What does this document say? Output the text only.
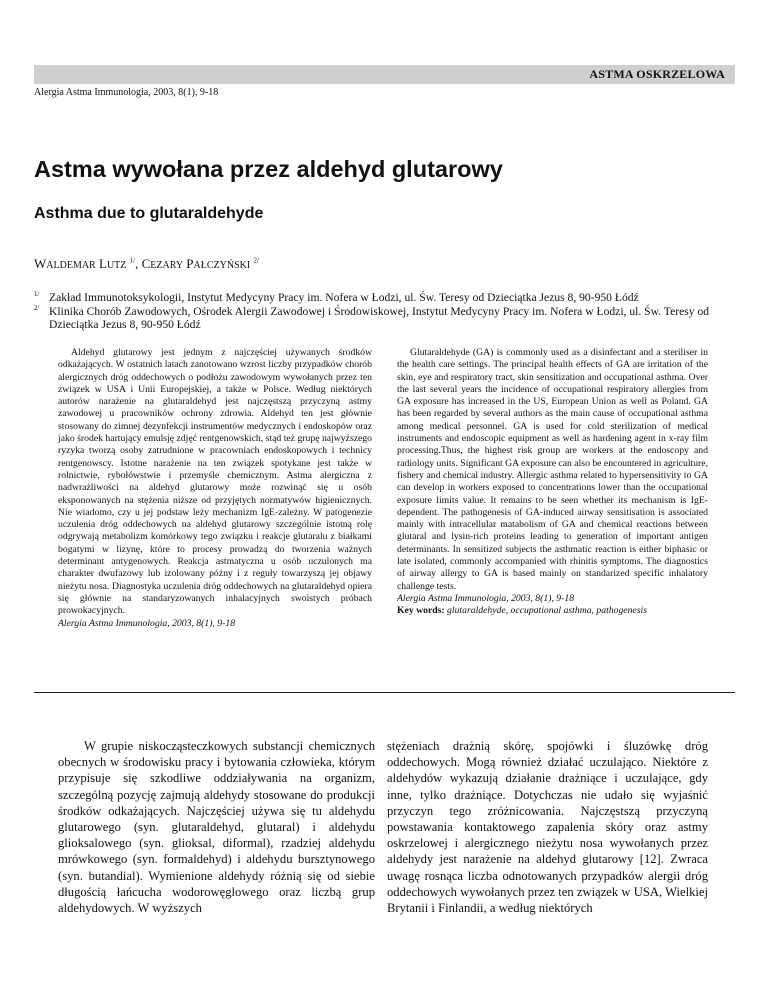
ASTMA OSKRZELOWA
Alergia Astma Immunologia, 2003, 8(1), 9-18
Astma wywołana przez aldehyd glutarowy
Asthma due to glutaraldehyde
WALDEMAR LUTZ $^{1/}$, CEZARY PAŁCZYŃSKI $^{2/}$
1/ Zakład Immunotoksykologii, Instytut Medycyny Pracy im. Nofera w Łodzi, ul. Św. Teresy od Dzieciątka Jezus 8, 90-950 Łódź
2/ Klinika Chorób Zawodowych, Ośrodek Alergii Zawodowej i Środowiskowej, Instytut Medycyny Pracy im. Nofera w Łodzi, ul. Św. Teresy od Dzieciątka Jezus 8, 90-950 Łódź

Aldehyd glutarowy jest jednym z najczęściej używanych środków odkażających. W ostatnich latach zanotowano wzrost liczby przypadków chorób alergicznych dróg oddechowych o podłożu zawodowym wywołanych przez ten związek w USA i Unii Europejskiej, a także w Polsce. Według niektórych autorów narażenie na glutaraldehyd jest najczęstszą przyczyną astmy zawodowej u pracowników ochrony zdrowia. Aldehyd ten jest głównie stosowany do zimnej dezynfekcji instrumentów medycznych i endoskopów oraz jako środek hartujący emulsję zdjęć rentgenowskich, stąd też grupę najwyższego ryzyka tworzą osoby zatrudnione w pracowniach endoskopowych i technicy rentgenowscy. Istotne narażenie na ten związek spotykane jest także w rolnictwie, rybołówstwie i przemyśle chemicznym. Astma alergiczna z nadwrażliwości na aldehyd glutarowy może rozwinąć się u osób eksponowanych na stężenia niższe od przyjętych normatywów higienicznych. Nie wiadomo, czy u jej podstaw leży mechanizm IgE-zależny. W patogenezie uczulenia dróg oddechowych na aldehyd glutarowy szczególnie istotną rolę odgrywają metabolizm komórkowy tego związku i reakcje glutaralu z białkami bogatymi w lizynę, które to procesy prowadzą do tworzenia ważnych determinant antygenowych. Reakcja astmatyczna u osób uczulonych ma charakter dwufazowy lub izolowany późny i z reguły towarzyszą jej objawy nieżytu nosa. Diagnostyka uczulenia dróg oddechowych na glutaraldehyd opiera się głównie na standaryzowanych inhalacyjnych swoistych próbach prowokacyjnych.

Alergia Astma Immunologia, 2003, 8(1), 9-18

Glutaraldehyde (GA) is commonly used as a disinfectant and a steriliser in the health care settings. The principal health effects of GA are irritation of the skin, eye and respiratory tract, skin sensitization and occupational asthma. Over the last several years the incidence of occupational respiratory allergies from GA exposure has increased in the US, European Union as well as Poland. GA has been regarded by several authors as the main cause of occupational asthma among medical personnel. GA is used for cold sterilization of medical instruments and endoscopic equipment as well as hardening agent in x-ray film processing.Thus, the highest risk group are workers at the endoscopy and radiology units. Significant GA exposure can also be encountered in agriculture, fishery and chemical industry. Allergic asthma related to hypersensitivity to GA can develop in workers exposed to concentrations lower than the occupational exposure limits value. It remains to be seen whether its mechanism is IgE-dependent. The pathogenesis of GA-induced airway sensitisation is associated mainly with intracellular matabolism of GA and chemical reactions between glutaral and lysin-rich proteins leading to generation of important antigen determinants. In sensitized subjects the asthmatic reaction is either biphasic or late isolated, commonly accompanied with rhinitis symptoms. The diagnostics of airway allergy to GA is based mainly on standarized specific inhalatory challenge tests.

Alergia Astma Immunologia, 2003, 8(1), 9-18

Key words: glutaraldehyde, occupational asthma, pathogenesis

W grupie niskocząsteczkowych substancji chemicznych obecnych w środowisku pracy i bytowania człowieka, którym przypisuje się szkodliwe oddziaływania na organizm, szczególną pozycję zajmują aldehydy stosowane do produkcji środków odkażających. Najczęściej używa się tu aldehydu glutarowego (syn. glutaraldehyd, glutaral) i aldehydu glioksalowego (syn. glioksal, diformal), rzadziej aldehydu mrówkowego (syn. formaldehyd) i aldehydu bursztynowego (syn. butandial). Wymienione aldehydy różnią się od siebie długością łańcucha wodorowęglowego oraz liczbą grup aldehydowych. W wyższych

stężeniach drażnią skórę, spojówki i śluzówkę dróg oddechowych. Mogą również działać uczulająco. Niektóre z aldehydów wykazują działanie drażniące i uczulające, gdy inne, tylko drażniące. Dotychczas nie udało się wyjaśnić przyczyn tego zróżnicowania. Najczęstszą przyczyną powstawania kontaktowego zapalenia skóry oraz astmy oskrzelowej i alergicznego nieżytu nosa wywołanych przez aldehydy jest narażenie na aldehyd glutarowy [12]. Zwraca uwagę rosnąca liczba odnotowanych przypadków alergii dróg oddechowych wywołanych przez ten związek w USA, Wielkiej Brytanii i Finlandii, a według niektórych
